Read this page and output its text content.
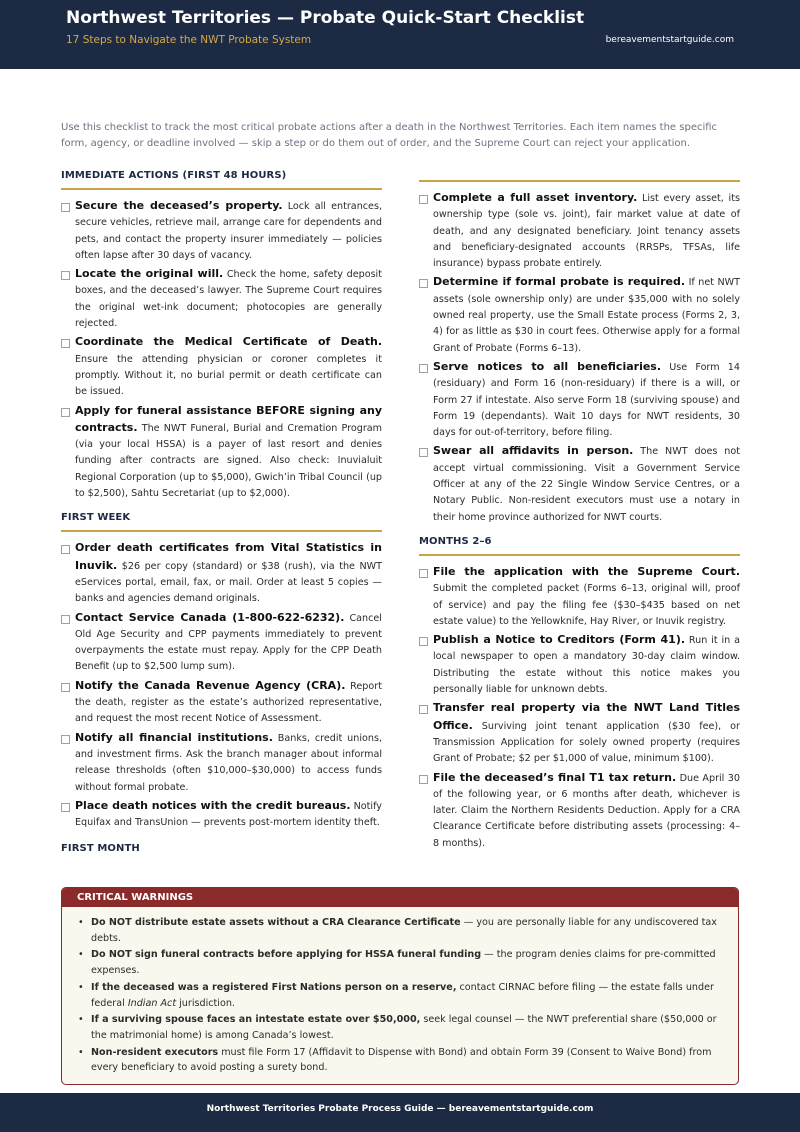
Northwest Territories — Probate Quick-Start Checklist
17 Steps to Navigate the NWT Probate System	bereavementstartguide.com

Use this checklist to track the most critical probate actions after a death in the Northwest Territories. Each item names the specific form, agency, or deadline involved — skip a step or do them out of order, and the Supreme Court can reject your application.

IMMEDIATE ACTIONS (FIRST 48 HOURS)
Secure the deceased’s property. Lock all entrances, secure vehicles, retrieve mail, arrange care for dependents and pets, and contact the property insurer immediately — policies often lapse after 30 days of vacancy.
Locate the original will. Check the home, safety deposit boxes, and the deceased’s lawyer. The Supreme Court requires the original wet-ink document; photocopies are generally rejected.
Coordinate the Medical Certificate of Death. Ensure the attending physician or coroner completes it promptly. Without it, no burial permit or death certificate can be issued.
Apply for funeral assistance BEFORE signing any contracts. The NWT Funeral, Burial and Cremation Program (via your local HSSA) is a payer of last resort and denies funding after contracts are signed. Also check: Inuvialuit Regional Corporation (up to $5,000), Gwich’in Tribal Council (up to $2,500), Sahtu Secretariat (up to $2,000).
FIRST WEEK
Order death certificates from Vital Statistics in Inuvik. $26 per copy (standard) or $38 (rush), via the NWT eServices portal, email, fax, or mail. Order at least 5 copies — banks and agencies demand originals.
Contact Service Canada (1-800-622-6232). Cancel Old Age Security and CPP payments immediately to prevent overpayments the estate must repay. Apply for the CPP Death Benefit (up to $2,500 lump sum).
Notify the Canada Revenue Agency (CRA). Report the death, register as the estate’s authorized representative, and request the most recent Notice of Assessment.
Notify all financial institutions. Banks, credit unions, and investment firms. Ask the branch manager about informal release thresholds (often $10,000–$30,000) to access funds without formal probate.
Place death notices with the credit bureaus. Notify Equifax and TransUnion — prevents post-mortem identity theft.
FIRST MONTH
Complete a full asset inventory. List every asset, its ownership type (sole vs. joint), fair market value at date of death, and any designated beneficiary. Joint tenancy assets and beneficiary-designated accounts (RRSPs, TFSAs, life insurance) bypass probate entirely.
Determine if formal probate is required. If net NWT assets (sole ownership only) are under $35,000 with no solely owned real property, use the Small Estate process (Forms 2, 3, 4) for as little as $30 in court fees. Otherwise apply for a formal Grant of Probate (Forms 6–13).
Serve notices to all beneficiaries. Use Form 14 (residuary) and Form 16 (non-residuary) if there is a will, or Form 27 if intestate. Also serve Form 18 (surviving spouse) and Form 19 (dependants). Wait 10 days for NWT residents, 30 days for out-of-territory, before filing.
Swear all affidavits in person. The NWT does not accept virtual commissioning. Visit a Government Service Officer at any of the 22 Single Window Service Centres, or a Notary Public. Non-resident executors must use a notary in their home province authorized for NWT courts.
MONTHS 2–6
File the application with the Supreme Court. Submit the completed packet (Forms 6–13, original will, proof of service) and pay the filing fee ($30–$435 based on net estate value) to the Yellowknife, Hay River, or Inuvik registry.
Publish a Notice to Creditors (Form 41). Run it in a local newspaper to open a mandatory 30-day claim window. Distributing the estate without this notice makes you personally liable for unknown debts.
Transfer real property via the NWT Land Titles Office. Surviving joint tenant application ($30 fee), or Transmission Application for solely owned property (requires Grant of Probate; $2 per $1,000 of value, minimum $100).
File the deceased’s final T1 tax return. Due April 30 of the following year, or 6 months after death, whichever is later. Claim the Northern Residents Deduction. Apply for a CRA Clearance Certificate before distributing assets (processing: 4–8 months).
CRITICAL WARNINGS
• Do NOT distribute estate assets without a CRA Clearance Certificate — you are personally liable for any undiscovered tax debts.
• Do NOT sign funeral contracts before applying for HSSA funeral funding — the program denies claims for pre-committed expenses.
• If the deceased was a registered First Nations person on a reserve, contact CIRNAC before filing — the estate falls under federal Indian Act jurisdiction.
• If a surviving spouse faces an intestate estate over $50,000, seek legal counsel — the NWT preferential share ($50,000 or the matrimonial home) is among Canada’s lowest.
• Non-resident executors must file Form 17 (Affidavit to Dispense with Bond) and obtain Form 39 (Consent to Waive Bond) from every beneficiary to avoid posting a surety bond.
Northwest Territories Probate Process Guide — bereavementstartguide.com
